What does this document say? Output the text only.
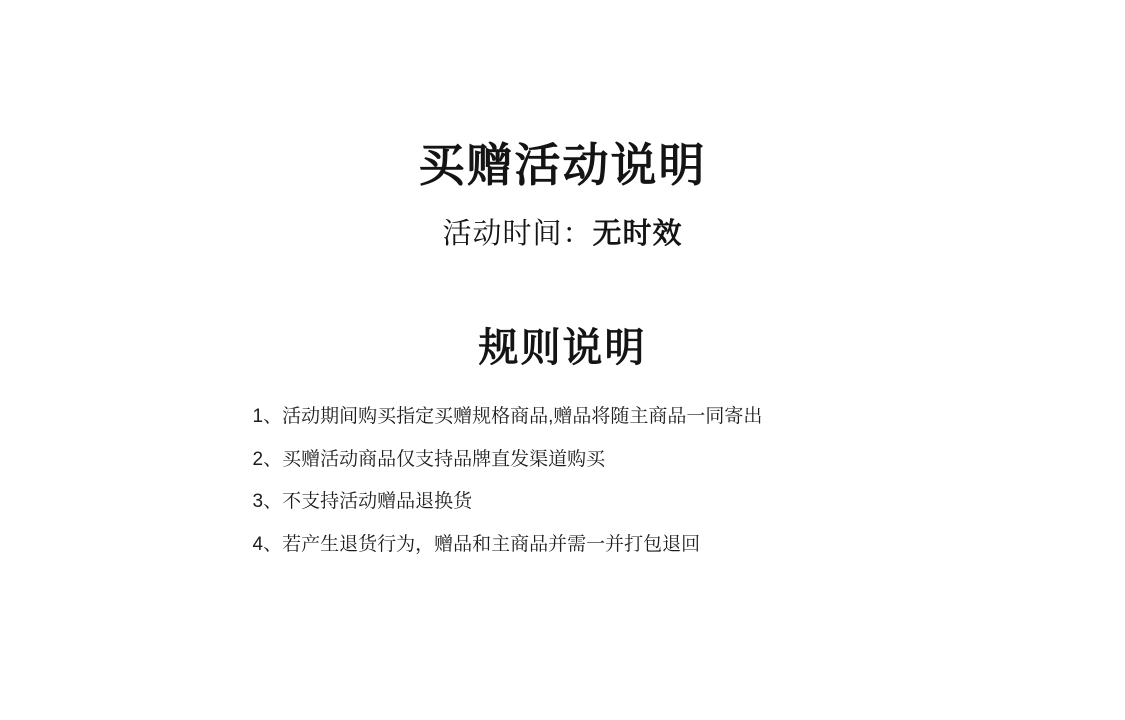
买赠活动说明
活动时间：无时效
规则说明
1、 活动期间购买指定买赠规格商品,赠品将随主商品一同寄出
2、 买赠活动商品仅支持品牌直发渠道购买
3、 不支持活动赠品退换货
4、 若产生退货行为，赠品和主商品并需一并打包退回
